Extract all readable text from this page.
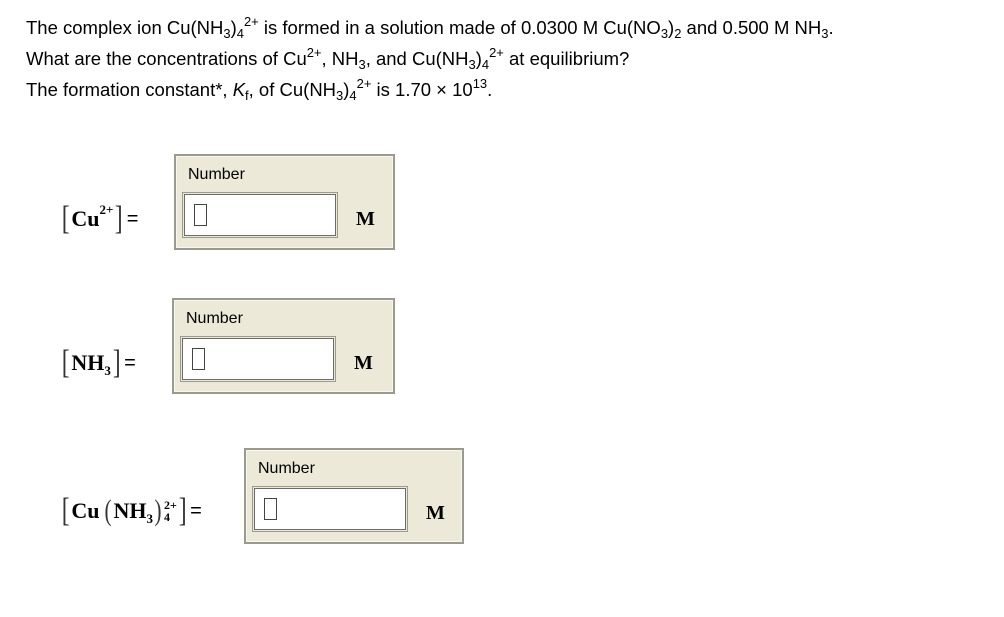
The complex ion $Cu(NH_3)_4^{2+}$ is formed in a solution made of 0.0300 M $Cu(NO_3)_2$ and 0.500 M $NH_3$.

What are the concentrations of $Cu^{2+}$, $NH_3$, and $Cu(NH_3)_4^{2+}$ at equilibrium?

The formation constant*, $K_f$, of $Cu(NH_3)_4^{2+}$ is $1.70 \times 10^{13}$.

[ Cu 2+ ] =
Number
M
[ NH 3 ] =
Number
M
[ Cu ( NH 3 ) 2+
4 ] =
Number
M
